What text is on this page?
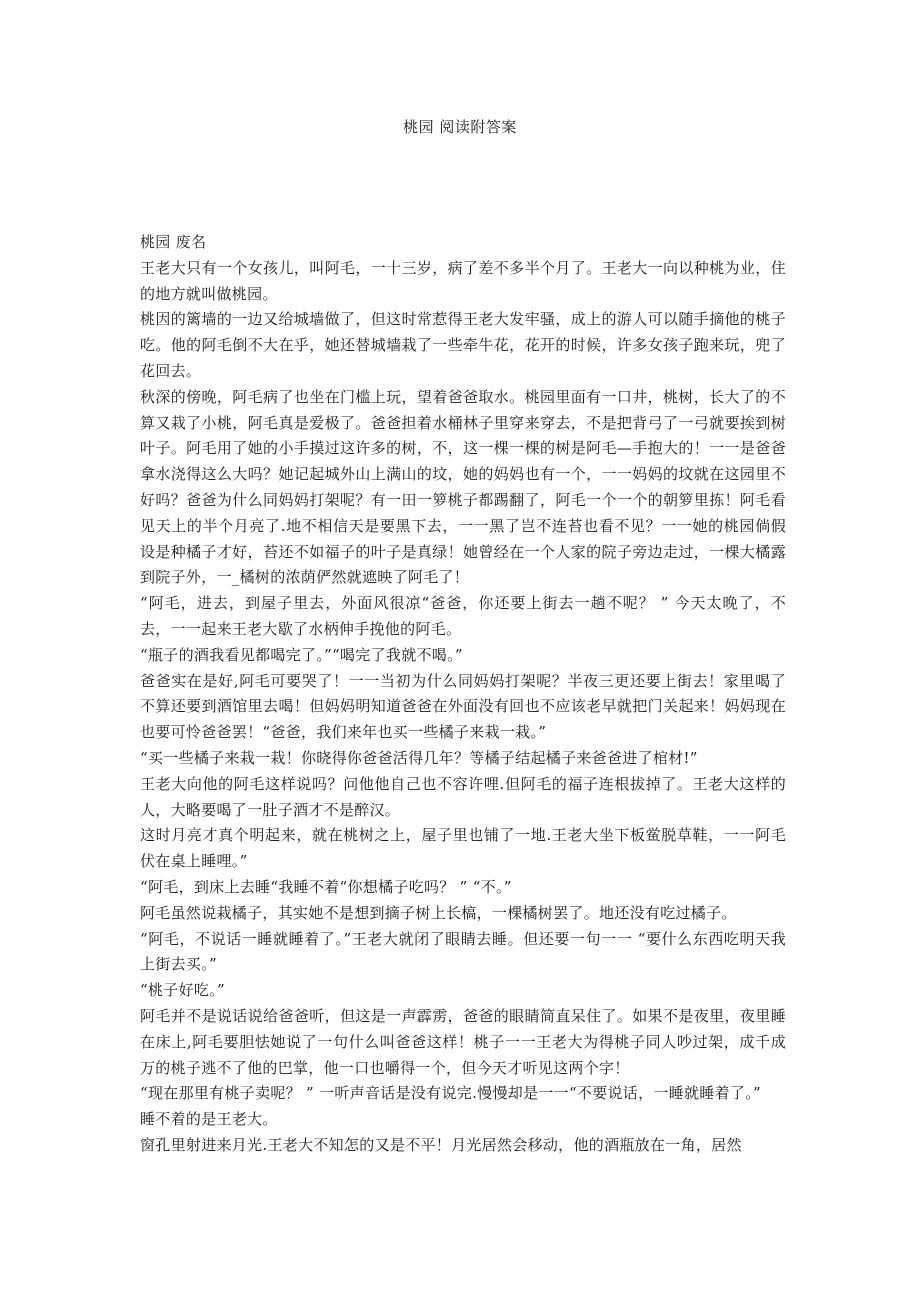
桃园 阅读附答案

桃园 废名

王老大只有一个女孩儿，叫阿毛，一十三岁，病了差不多半个月了。王老大一向以种桃为业，住的地方就叫做桃园。

桃因的篱墙的一边又给城墙做了，但这时常惹得王老大发牢骚，成上的游人可以随手摘他的桃子吃。他的阿毛倒不大在乎，她还替城墙栽了一些牵牛花，花开的时候，许多女孩子跑来玩，兜了花回去。

秋深的傍晚，阿毛病了也坐在门槛上玩，望着爸爸取水。桃园里面有一口井，桃树，长大了的不算又栽了小桃，阿毛真是爱极了。爸爸担着水桶林子里穿来穿去，不是把背弓了一弓就要挨到树叶子。阿毛用了她的小手摸过这许多的树，不，这一棵一棵的树是阿毛—手抱大的！一一是爸爸拿水浇得这么大吗？她记起城外山上满山的坟，她的妈妈也有一个，一一妈妈的坟就在这园里不好吗？爸爸为什么同妈妈打架呢？有一田一箩桃子都踢翻了，阿毛一个一个的朝箩里拣！阿毛看见天上的半个月亮了.地不相信天是要黑下去，一一黑了岂不连苔也看不见？一一她的桃园倘假设是种橘子才好，苔还不如福子的叶子是真绿！她曾经在一个人家的院子旁边走过，一棵大橘露到院子外，一_橘树的浓荫俨然就遮映了阿毛了！

“阿毛，进去，到屋子里去，外面风很凉“爸爸，你还要上街去一趟不呢？ ” 今天太晚了，不去，一一起来王老大歇了水柄伸手挽他的阿毛。

“瓶子的酒我看见都喝完了。”“喝完了我就不喝。”

爸爸实在是好,阿毛可要哭了！一一当初为什么同妈妈打架呢？半夜三更还要上街去！家里喝了不算还要到酒馆里去喝！但妈妈明知道爸爸在外面没有回也不应该老早就把门关起来！妈妈现在也要可怜爸爸罢！“爸爸，我们来年也买一些橘子来栽一栽。”

“买一些橘子来栽一栽！你晓得你爸爸活得几年？等橘子结起橘子来爸爸进了棺材!”

王老大向他的阿毛这样说吗？问他他自己也不容许哩.但阿毛的福子连根拔掉了。王老大这样的人，大略要喝了一肚子酒才不是醉汉。

这时月亮才真个明起来，就在桃树之上，屋子里也铺了一地.王老大坐下板鲎脱草鞋，一一阿毛伏在桌上睡哩。”

“阿毛，到床上去睡“我睡不着“你想橘子吃吗？ ” “不。”

阿毛虽然说栽橘子，其实她不是想到摘子树上长槁，一棵橘树罢了。地还没有吃过橘子。

“阿毛，不说话一睡就睡着了。”王老大就闭了眼睛去睡。但还要一句一一 “要什么东西吃明天我上街去买。”

“桃子好吃。”

阿毛并不是说话说给爸爸听，但这是一声霹雳，爸爸的眼睛简直呆住了。如果不是夜里，夜里睡在床上,阿毛要胆怯她说了一句什么叫爸爸这样！桃子一一王老大为得桃子同人吵过架，成千成万的桃子逃不了他的巴掌，他一口也嚼得一个，但今天才听见这两个字！

“现在那里有桃子卖呢？ ” 一听声音话是没有说完.慢慢却是一一“不要说话，一睡就睡着了。”

睡不着的是王老大。

窗孔里射进来月光.王老大不知怎的又是不平！月光居然会移动，他的酒瓶放在一角，居然
